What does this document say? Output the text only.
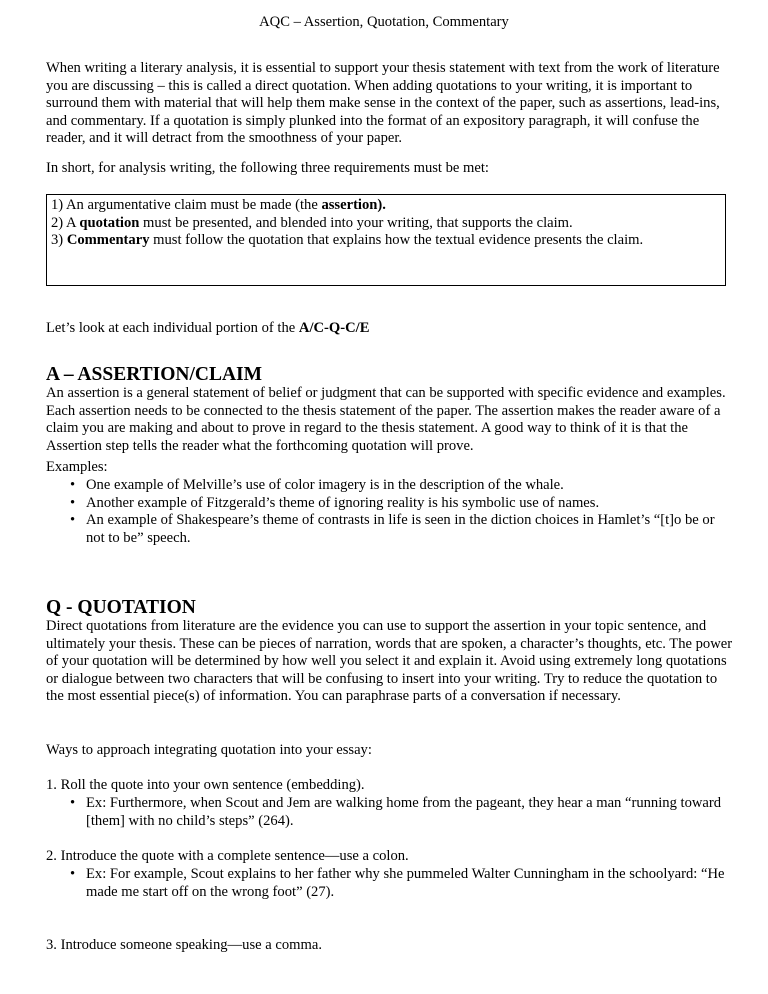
AQC – Assertion, Quotation, Commentary
When writing a literary analysis, it is essential to support your thesis statement with text from the work of literature you are discussing – this is called a direct quotation. When adding quotations to your writing, it is important to surround them with material that will help them make sense in the context of the paper, such as assertions, lead-ins, and commentary. If a quotation is simply plunked into the format of an expository paragraph, it will confuse the reader, and it will detract from the smoothness of your paper.
In short, for analysis writing, the following three requirements must be met:
1) An argumentative claim must be made (the assertion).
2) A quotation must be presented, and blended into your writing, that supports the claim.
3) Commentary must follow the quotation that explains how the textual evidence presents the claim.
Let’s look at each individual portion of the A/C-Q-C/E
A – ASSERTION/CLAIM
An assertion is a general statement of belief or judgment that can be supported with specific evidence and examples. Each assertion needs to be connected to the thesis statement of the paper. The assertion makes the reader aware of a claim you are making and about to prove in regard to the thesis statement. A good way to think of it is that the Assertion step tells the reader what the forthcoming quotation will prove.
Examples:
• One example of Melville’s use of color imagery is in the description of the whale.
• Another example of Fitzgerald’s theme of ignoring reality is his symbolic use of names.
• An example of Shakespeare’s theme of contrasts in life is seen in the diction choices in Hamlet’s “[t]o be or not to be” speech.
Q - QUOTATION
Direct quotations from literature are the evidence you can use to support the assertion in your topic sentence, and ultimately your thesis. These can be pieces of narration, words that are spoken, a character’s thoughts, etc. The power of your quotation will be determined by how well you select it and explain it. Avoid using extremely long quotations or dialogue between two characters that will be confusing to insert into your writing. Try to reduce the quotation to the most essential piece(s) of information. You can paraphrase parts of a conversation if necessary.
Ways to approach integrating quotation into your essay:
1. Roll the quote into your own sentence (embedding).
• Ex: Furthermore, when Scout and Jem are walking home from the pageant, they hear a man “running toward [them] with no child’s steps” (264).
2. Introduce the quote with a complete sentence—use a colon.
• Ex: For example, Scout explains to her father why she pummeled Walter Cunningham in the schoolyard: “He made me start off on the wrong foot” (27).
3. Introduce someone speaking—use a comma.
